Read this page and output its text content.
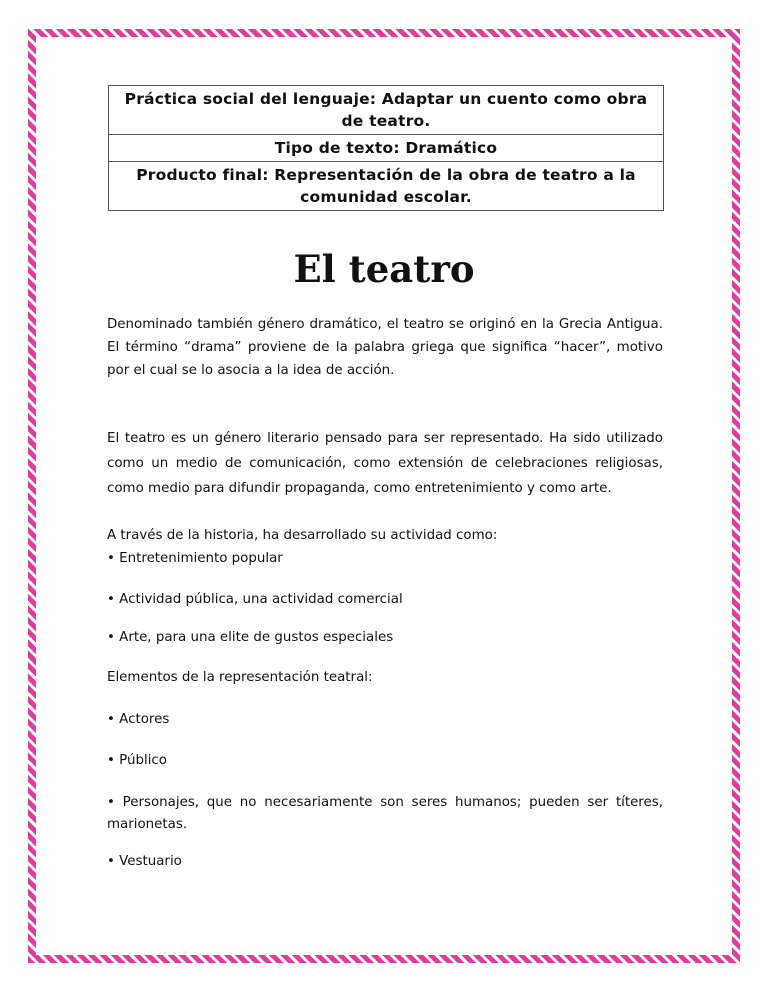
Práctica social del lenguaje: Adaptar un cuento como obra de teatro.
Tipo de texto: Dramático
Producto final: Representación de la obra de teatro a la comunidad escolar.
El teatro

Denominado también género dramático, el teatro se originó en la Grecia Antigua. El término “drama” proviene de la palabra griega que significa “hacer”, motivo por el cual se lo asocia a la idea de acción.

El teatro es un género literario pensado para ser representado. Ha sido utilizado como un medio de comunicación, como extensión de celebraciones religiosas, como medio para difundir propaganda, como entretenimiento y como arte.

A través de la historia, ha desarrollado su actividad como:

• Entretenimiento popular

• Actividad pública, una actividad comercial

• Arte, para una elite de gustos especiales

Elementos de la representación teatral:

• Actores

• Público

• Personajes, que no necesariamente son seres humanos; pueden ser títeres, marionetas.

• Vestuario
